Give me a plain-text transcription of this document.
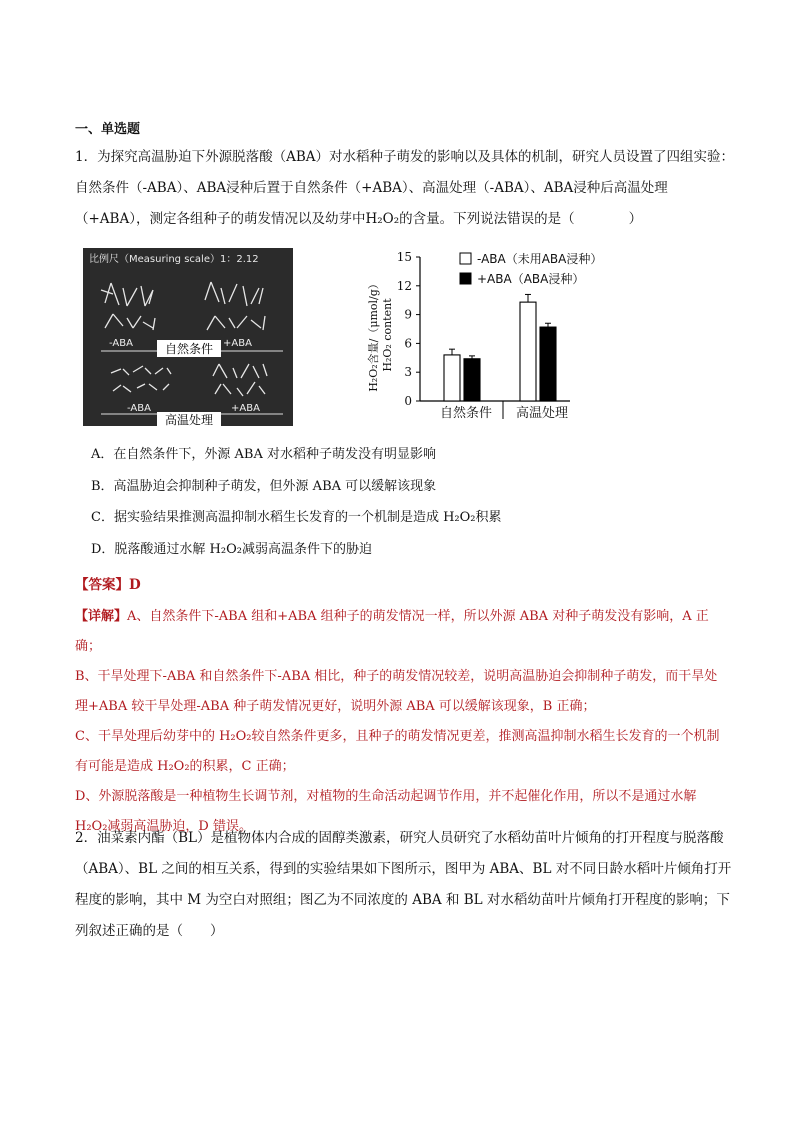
一、单选题
1．为探究高温胁迫下外源脱落酸（ABA）对水稻种子萌发的影响以及具体的机制，研究人员设置了四组实验：自然条件（-ABA）、ABA浸种后置于自然条件（+ABA）、高温处理（-ABA）、ABA浸种后高温处理（+ABA），测定各组种子的萌发情况以及幼芽中H₂O₂的含量。下列说法错误的是（　　　　）
比例尺（Measuring scale）1：2.12
-ABA	+ABA
自然条件
-ABA	+ABA
高温处理
0
3
6
9
12
15
自然条件 高温处理
-ABA（未用ABA浸种）
+ABA（ABA浸种）
H₂O₂含量/（μmol/g） H₂O₂ content
A．在自然条件下，外源 ABA 对水稻种子萌发没有明显影响
B．高温胁迫会抑制种子萌发，但外源 ABA 可以缓解该现象
C．据实验结果推测高温抑制水稻生长发育的一个机制是造成 H₂O₂积累
D．脱落酸通过水解 H₂O₂减弱高温条件下的胁迫
【答案】D
【详解】A、自然条件下-ABA 组和+ABA 组种子的萌发情况一样，所以外源 ABA 对种子萌发没有影响，A 正确；
B、干旱处理下-ABA 和自然条件下-ABA 相比，种子的萌发情况较差，说明高温胁迫会抑制种子萌发，而干旱处理+ABA 较干旱处理-ABA 种子萌发情况更好，说明外源 ABA 可以缓解该现象，B 正确；
C、干旱处理后幼芽中的 H₂O₂较自然条件更多，且种子的萌发情况更差，推测高温抑制水稻生长发育的一个机制有可能是造成 H₂O₂的积累，C 正确；
D、外源脱落酸是一种植物生长调节剂，对植物的生命活动起调节作用，并不起催化作用，所以不是通过水解 H₂O₂减弱高温胁迫，D 错误。
2．油菜素内酯（BL）是植物体内合成的固醇类激素，研究人员研究了水稻幼苗叶片倾角的打开程度与脱落酸（ABA）、BL 之间的相互关系，得到的实验结果如下图所示，图甲为 ABA、BL 对不同日龄水稻叶片倾角打开程度的影响，其中 M 为空白对照组；图乙为不同浓度的 ABA 和 BL 对水稻幼苗叶片倾角打开程度的影响；下列叙述正确的是（　　）
